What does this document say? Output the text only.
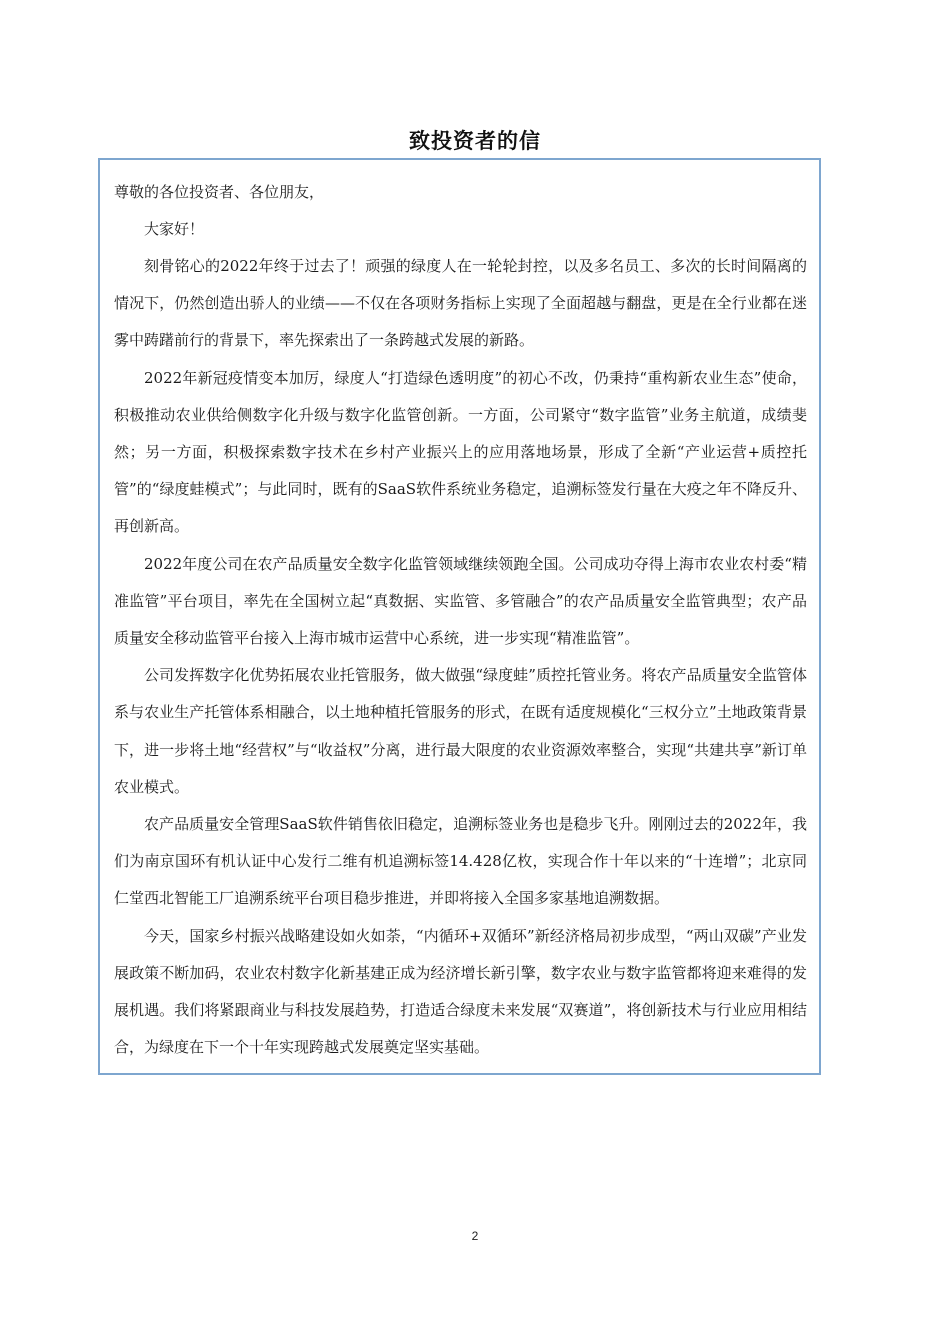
致投资者的信

尊敬的各位投资者、各位朋友，

大家好！

刻骨铭心的2022年终于过去了！顽强的绿度人在一轮轮封控，以及多名员工、多次的长时间隔离的情况下，仍然创造出骄人的业绩——不仅在各项财务指标上实现了全面超越与翻盘，更是在全行业都在迷雾中踌躇前行的背景下，率先探索出了一条跨越式发展的新路。

2022年新冠疫情变本加厉，绿度人“打造绿色透明度”的初心不改，仍秉持“重构新农业生态”使命，积极推动农业供给侧数字化升级与数字化监管创新。一方面，公司紧守“数字监管”业务主航道，成绩斐然；另一方面，积极探索数字技术在乡村产业振兴上的应用落地场景，形成了全新“产业运营+质控托管”的“绿度蛙模式”；与此同时，既有的SaaS软件系统业务稳定，追溯标签发行量在大疫之年不降反升、再创新高。

2022年度公司在农产品质量安全数字化监管领域继续领跑全国。公司成功夺得上海市农业农村委“精准监管”平台项目，率先在全国树立起“真数据、实监管、多管融合”的农产品质量安全监管典型；农产品质量安全移动监管平台接入上海市城市运营中心系统，进一步实现“精准监管”。

公司发挥数字化优势拓展农业托管服务，做大做强“绿度蛙”质控托管业务。将农产品质量安全监管体系与农业生产托管体系相融合，以土地种植托管服务的形式，在既有适度规模化“三权分立”土地政策背景下，进一步将土地“经营权”与“收益权”分离，进行最大限度的农业资源效率整合，实现“共建共享”新订单农业模式。

农产品质量安全管理SaaS软件销售依旧稳定，追溯标签业务也是稳步飞升。刚刚过去的2022年，我们为南京国环有机认证中心发行二维有机追溯标签14.428亿枚，实现合作十年以来的“十连增”；北京同仁堂西北智能工厂追溯系统平台项目稳步推进，并即将接入全国多家基地追溯数据。

今天，国家乡村振兴战略建设如火如荼，“内循环+双循环”新经济格局初步成型，“两山双碳”产业发展政策不断加码，农业农村数字化新基建正成为经济增长新引擎，数字农业与数字监管都将迎来难得的发展机遇。我们将紧跟商业与科技发展趋势，打造适合绿度未来发展“双赛道”，将创新技术与行业应用相结合，为绿度在下一个十年实现跨越式发展奠定坚实基础。

2
